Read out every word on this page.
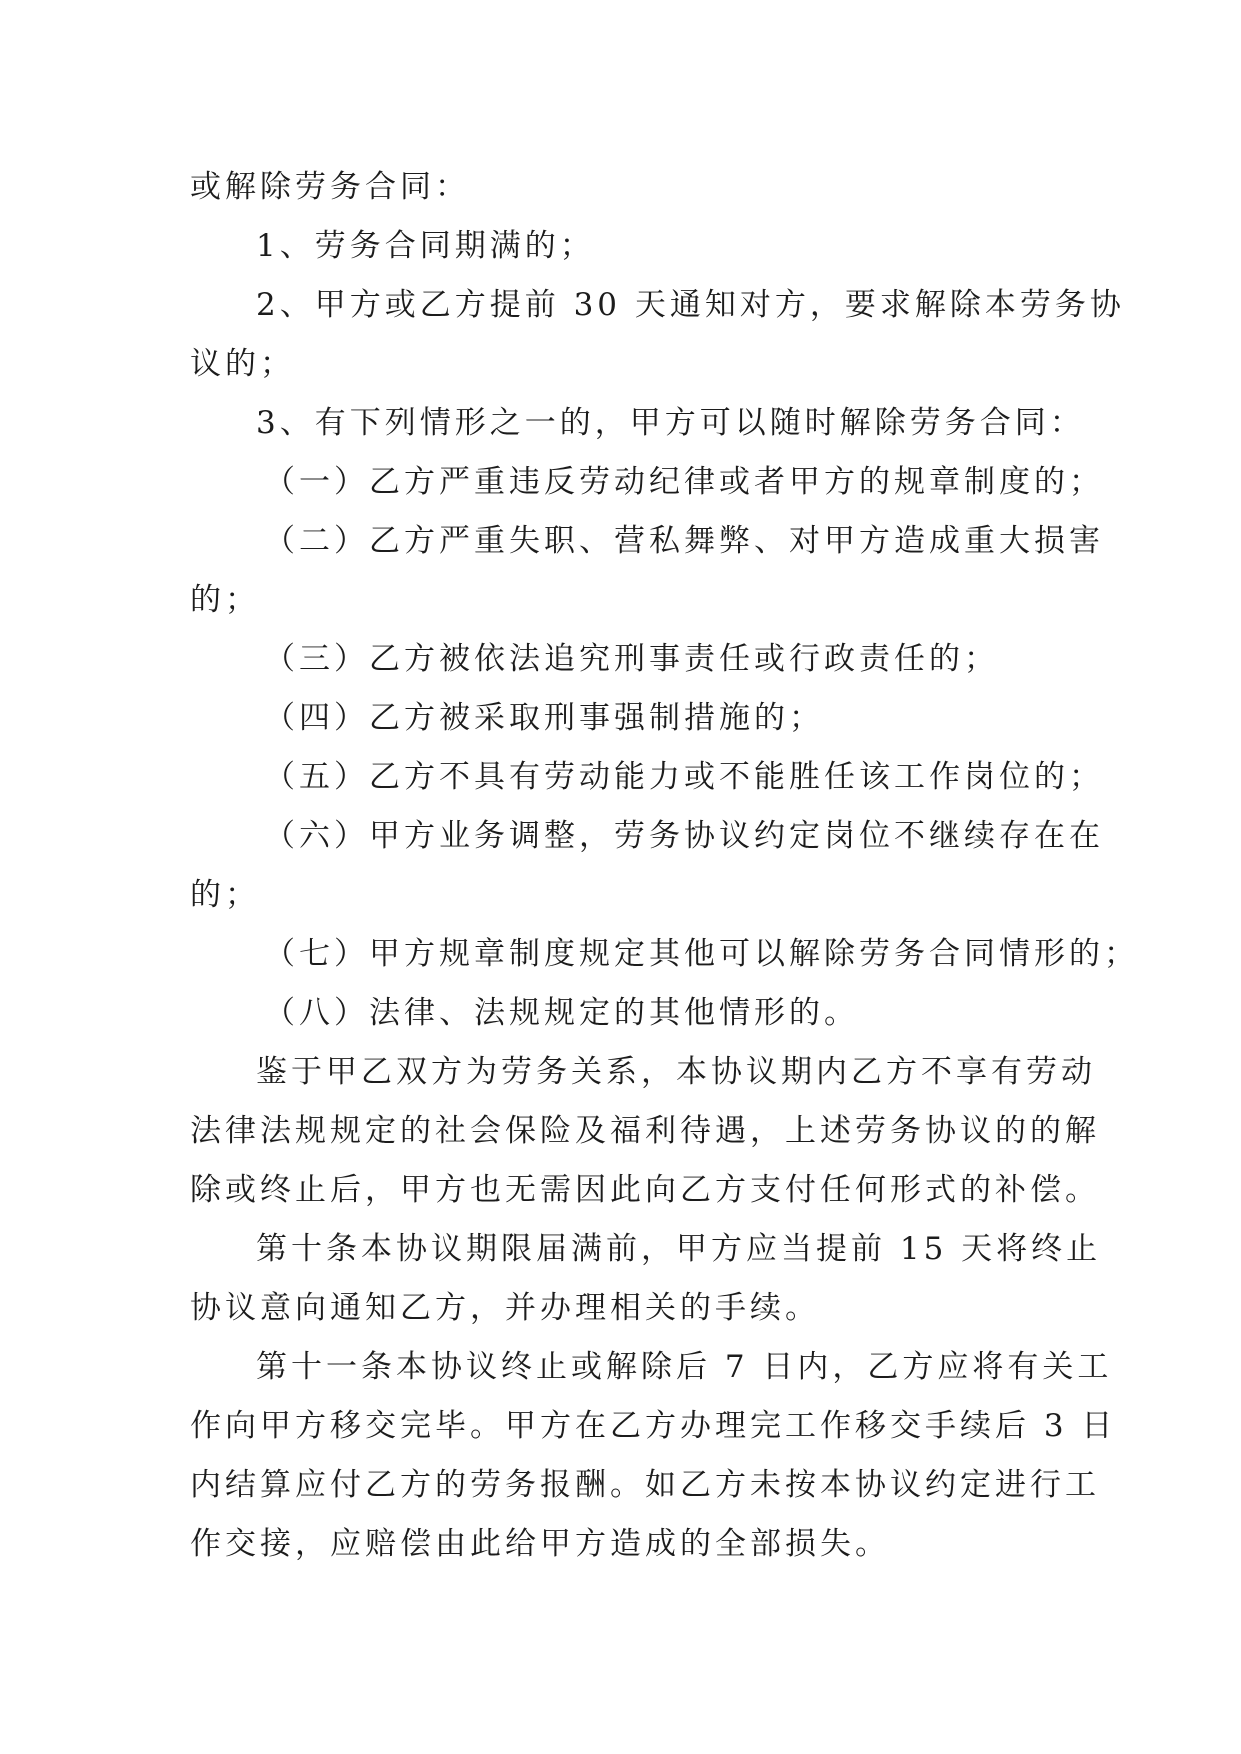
或解除劳务合同：
1、劳务合同期满的；
2、甲方或乙方提前 30 天通知对方，要求解除本劳务协
议的；
3、有下列情形之一的，甲方可以随时解除劳务合同：
（一）乙方严重违反劳动纪律或者甲方的规章制度的；
（二）乙方严重失职、营私舞弊、对甲方造成重大损害
的；
（三）乙方被依法追究刑事责任或行政责任的；
（四）乙方被采取刑事强制措施的；
（五）乙方不具有劳动能力或不能胜任该工作岗位的；
（六）甲方业务调整，劳务协议约定岗位不继续存在在
的；
（七）甲方规章制度规定其他可以解除劳务合同情形的；
（八）法律、法规规定的其他情形的。
鉴于甲乙双方为劳务关系，本协议期内乙方不享有劳动
法律法规规定的社会保险及福利待遇，上述劳务协议的的解
除或终止后，甲方也无需因此向乙方支付任何形式的补偿。
第十条本协议期限届满前，甲方应当提前 15 天将终止
协议意向通知乙方，并办理相关的手续。
第十一条本协议终止或解除后 7 日内，乙方应将有关工
作向甲方移交完毕。甲方在乙方办理完工作移交手续后 3 日
内结算应付乙方的劳务报酬。如乙方未按本协议约定进行工
作交接，应赔偿由此给甲方造成的全部损失。
